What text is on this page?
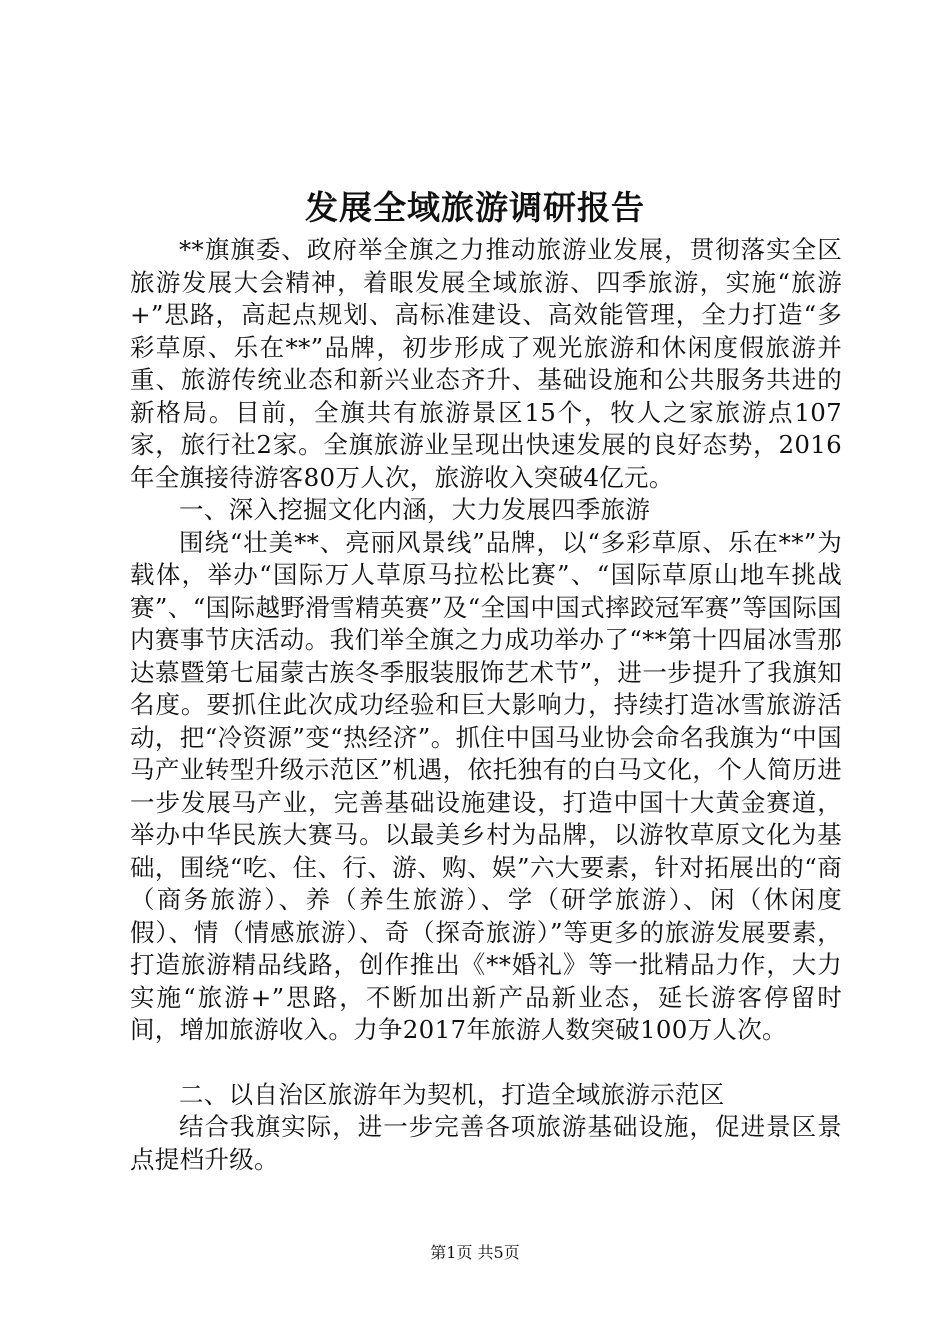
发展全域旅游调研报告

**旗旗委、政府举全旗之力推动旅游业发展，贯彻落实全区旅游发展大会精神，着眼发展全域旅游、四季旅游，实施“旅游+”思路，高起点规划、高标准建设、高效能管理，全力打造“多彩草原、乐在**”品牌，初步形成了观光旅游和休闲度假旅游并重、旅游传统业态和新兴业态齐升、基础设施和公共服务共进的新格局。目前，全旗共有旅游景区15个，牧人之家旅游点107家，旅行社2家。全旗旅游业呈现出快速发展的良好态势，2016年全旗接待游客80万人次，旅游收入突破4亿元。

一、深入挖掘文化内涵，大力发展四季旅游

围绕“壮美**、亮丽风景线”品牌，以“多彩草原、乐在**”为载体，举办“国际万人草原马拉松比赛”、“国际草原山地车挑战赛”、“国际越野滑雪精英赛”及“全国中国式摔跤冠军赛”等国际国内赛事节庆活动。我们举全旗之力成功举办了“**第十四届冰雪那达慕暨第七届蒙古族冬季服装服饰艺术节”，进一步提升了我旗知名度。要抓住此次成功经验和巨大影响力，持续打造冰雪旅游活动，把“冷资源”变“热经济”。抓住中国马业协会命名我旗为“中国马产业转型升级示范区”机遇，依托独有的白马文化，个人简历进一步发展马产业，完善基础设施建设，打造中国十大黄金赛道，举办中华民族大赛马。以最美乡村为品牌，以游牧草原文化为基础，围绕“吃、住、行、游、购、娱”六大要素，针对拓展出的“商（商务旅游）、养（养生旅游）、学（研学旅游）、闲（休闲度假）、情（情感旅游）、奇（探奇旅游）”等更多的旅游发展要素，打造旅游精品线路，创作推出《**婚礼》等一批精品力作，大力实施“旅游+”思路，不断加出新产品新业态，延长游客停留时间，增加旅游收入。力争2017年旅游人数突破100万人次。

二、以自治区旅游年为契机，打造全域旅游示范区

结合我旗实际，进一步完善各项旅游基础设施，促进景区景点提档升级。

第1页 共5页
